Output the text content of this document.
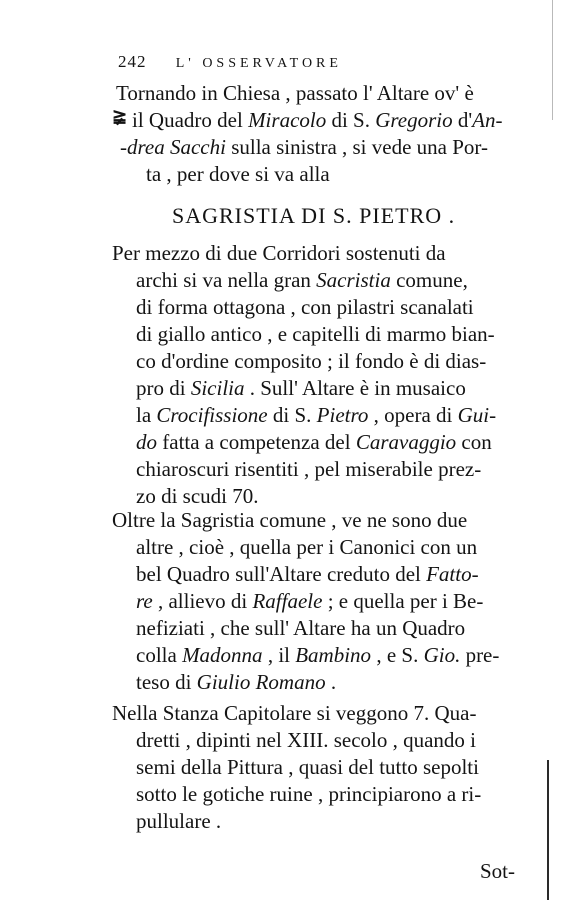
242 L' OSSERVATORE
≩
Tornando in Chiesa , passato l' Altare ov' è
il Quadro del Miracolo di S. Gregorio d'An-
-drea Sacchi sulla sinistra , si vede una Por-
ta , per dove si va alla
Per mezzo di due Corridori sostenuti da
archi si va nella gran Sacristia comune,
di forma ottagona , con pilastri scanalati
di giallo antico , e capitelli di marmo bian-
co d'ordine composito ; il fondo è di dias-
pro di Sicilia . Sull' Altare è in musaico
la Crocifissione di S. Pietro , opera di Gui-
do fatta a competenza del Caravaggio con
chiaroscuri risentiti , pel miserabile prez-
zo di scudi 70.
Oltre la Sagristia comune , ve ne sono due
altre , cioè , quella per i Canonici con un
bel Quadro sull'Altare creduto del Fatto-
re , allievo di Raffaele ; e quella per i Be-
nefiziati , che sull' Altare ha un Quadro
colla Madonna , il Bambino , e S. Gio. pre-
teso di Giulio Romano .
Nella Stanza Capitolare si veggono 7. Qua-
dretti , dipinti nel XIII. secolo , quando i
semi della Pittura , quasi del tutto sepolti
sotto le gotiche ruine , principiarono a ri-
pullulare .
SAGRISTIA DI S. PIETRO .
Sot-
